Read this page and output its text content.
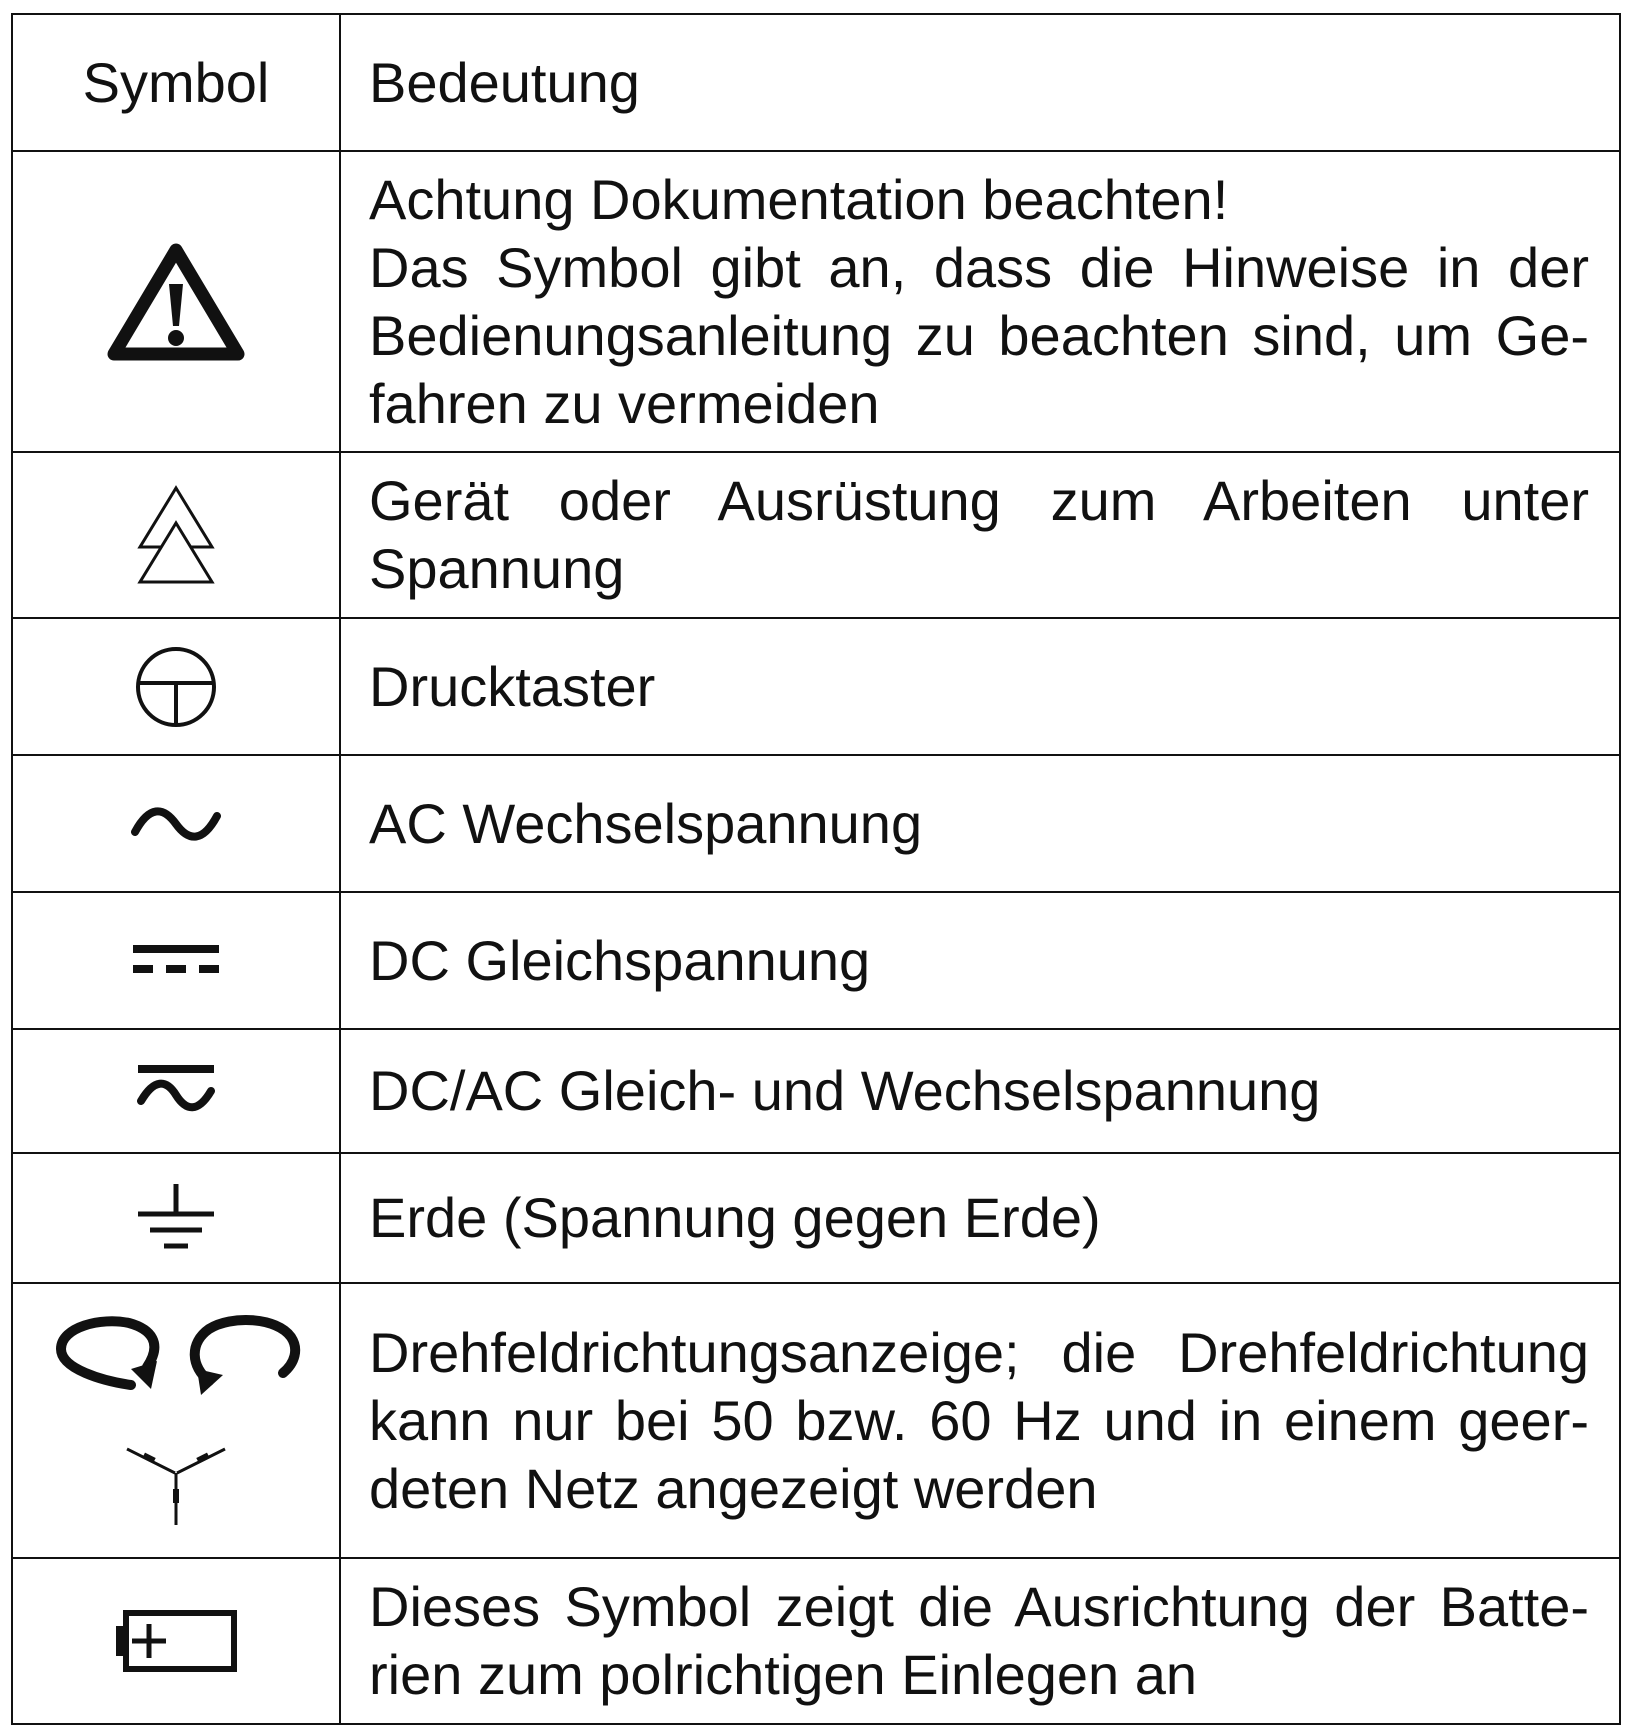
Symbol	Bedeutung

Achtung Dokumentation beachten!
Das Symbol gibt an, dass die Hinweise in der
Bedienungsanleitung zu beachten sind, um Ge-
fahren zu vermeiden

Gerät oder Ausrüstung zum Arbeiten unter
Spannung

Drucktaster

AC Wechselspannung

DC Gleichspannung

DC/AC Gleich- und Wechselspannung

Erde (Spannung gegen Erde)

Drehfeldrichtungsanzeige; die Drehfeldrichtung
kann nur bei 50 bzw. 60 Hz und in einem geer-
deten Netz angezeigt werden

Dieses Symbol zeigt die Ausrichtung der Batte-
rien zum polrichtigen Einlegen an
